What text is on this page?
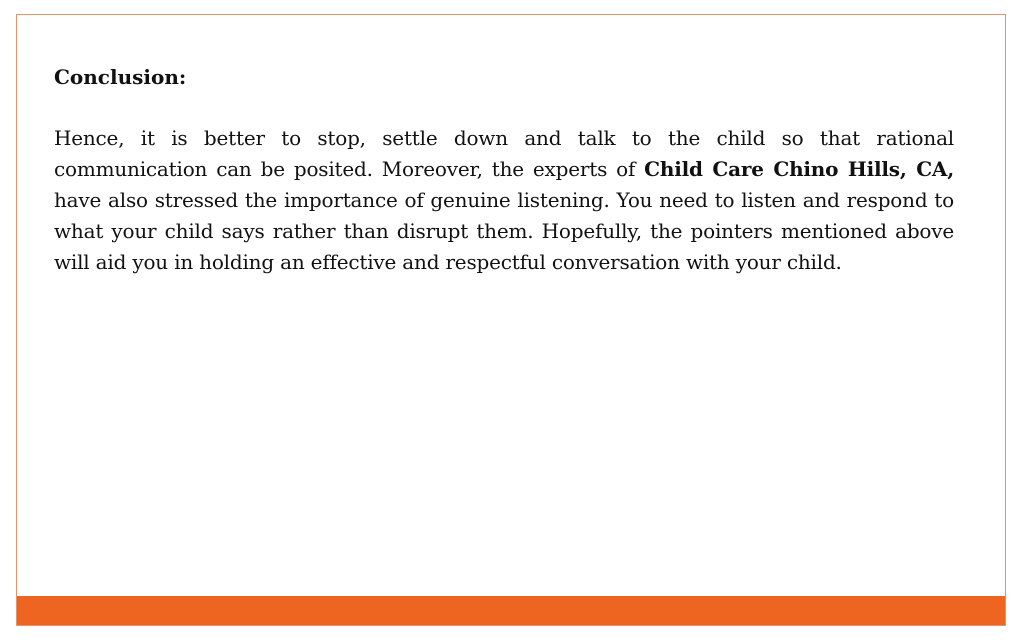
Conclusion:

Hence, it is better to stop, settle down and talk to the child so that rational communication can be posited. Moreover, the experts of Child Care Chino Hills, CA, have also stressed the importance of genuine listening. You need to listen and respond to what your child says rather than disrupt them. Hopefully, the pointers mentioned above will aid you in holding an effective and respectful conversation with your child.
